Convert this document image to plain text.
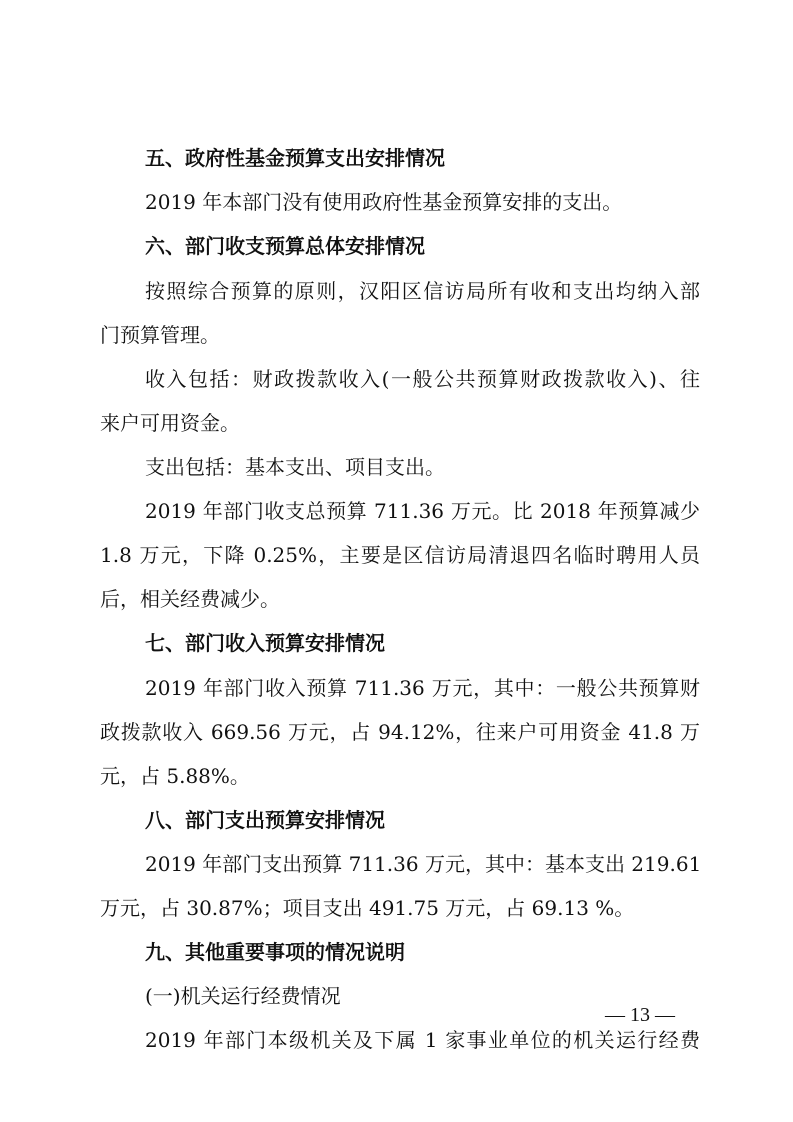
五、政府性基金预算支出安排情况
2019 年本部门没有使用政府性基金预算安排的支出。
六、部门收支预算总体安排情况
按照综合预算的原则，汉阳区信访局所有收和支出均纳入部
门预算管理。
收入包括：财政拨款收入(一般公共预算财政拨款收入)、往
来户可用资金。
支出包括：基本支出、项目支出。
2019 年部门收支总预算 711.36 万元。比 2018 年预算减少
1.8 万元，下降 0.25%，主要是区信访局清退四名临时聘用人员
后，相关经费减少。
七、部门收入预算安排情况
2019 年部门收入预算 711.36 万元，其中：一般公共预算财
政拨款收入 669.56 万元，占 94.12%，往来户可用资金 41.8 万
元，占 5.88%。
八、部门支出预算安排情况
2019 年部门支出预算 711.36 万元，其中：基本支出 219.61
万元，占 30.87%；项目支出 491.75 万元，占 69.13 %。
九、其他重要事项的情况说明
(一)机关运行经费情况
2019 年部门本级机关及下属 1 家事业单位的机关运行经费
— 13 —
